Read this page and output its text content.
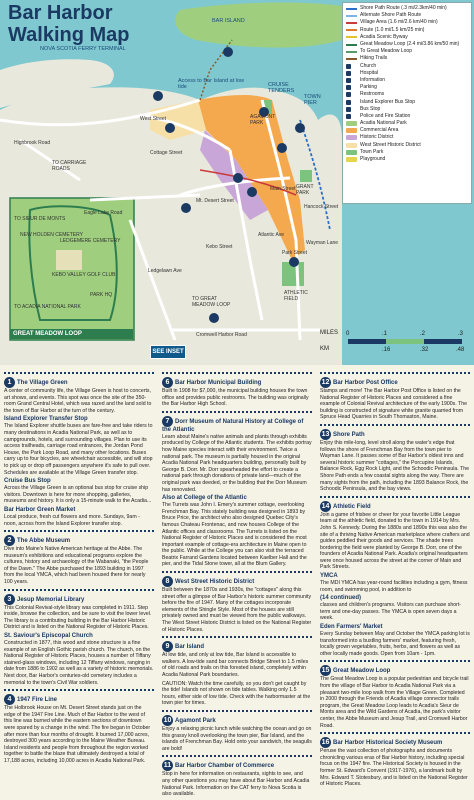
Bar Harbor Walking Map
Shore Path Route (.3 mi/2.3km/40 min)
Alternate Shore Path Route
Village Area (1.6 mi/2.6 km/40 min)
Route (1.0 mi/1.5 km/25 min)
Acadia Scenic Byway
Great Meadow Loop (2.4 mi/3.86 km/50 min)
To Great Meadow Loop
Hiking Trails
Church
Hospital
Information
Parking
Restrooms
Island Explorer Bus Stop
Bus Stop
Police and Fire Station
Acadia National Park
Commercial Area
Historic District
West Street Historic District
Town Park
Playground
BAR ISLAND
NOVA SCOTIA FERRY TERMINAL
Access to Bar Island at low tide	CRUISE TENDERS
TOWN PIER
Highbrook Road
TO CARRIAGE ROADS
Eagle Lake Road
West Street
Cottage Street
Mt. Desert Street
Main Street
Kebo Street
Ledgelawn Ave
Hancock Street
Atlantic Ave
Wayman Lane
Park Street
Cromwell Harbor Road
TO GREAT MEADOW LOOP
ATHLETIC FIELD
AGAMONT PARK
GRANT PARK
TO SIEUR DE MONTS
NEW HOLDEN CEMETERY
LEDGEMERE CEMETERY
KEBO VALLEY GOLF CLUB
PARK HQ
TO ACADIA NATIONAL PARK
GREAT MEADOW LOOP
SEE INSET
MILES
KM
0	.1	.2	.3
.16	.32	.48
1 The Village Green
A center of community life, the Village Green is host to concerts, art shows, and events. This spot was once the site of the 350-room Grand Central Hotel, which was razed and the land sold to the town of Bar Harbor at the turn of the century.
Island Explorer Transfer Stop
The Island Explorer shuttle buses are fare-free and take riders to many destinations in Acadia National Park, as well as to campgrounds, hotels, and surrounding villages. Plan to use its access trailheads, carriage road entrances, the Jordan Pond House, the Park Loop Road, and many other locations. Buses carry up to four bicycles, are wheelchair accessible, and will stop to pick up or drop off passengers anywhere it's safe to pull over. Schedules are available at the Village Green transfer stop.
Cruise Bus Stop
Across the Village Green is an optional bus stop for cruise ship visitors. Downtown is here for more shopping, galleries, museums and history. It is only a 15-minute walk to the Acadia...
Bar Harbor Green Market
Local produce, fresh cut flowers and more. Sundays, 9am - noon, across from the Island Explorer transfer stop.
2 The Abbe Museum
Dive into Maine's Native American heritage at the Abbe. The museum's exhibitions and educational programs explore the cultures, history and archaeology of the Wabanaki, "the People of the Dawn." The Abbe purchased the 1893 building in 1997 from the local YMCA, which had been housed there for nearly 100 years.
3 Jesup Memorial Library
This Colonial Revival-style library was completed in 1911. Step inside, browse the collection, and be sure to visit the lower level. The library is a contributing building in the Bar Harbor Historic District and is listed on the National Register of Historic Places.
St. Saviour's Episcopal Church
Constructed in 1877, this wood and stone structure is a fine example of an English Gothic parish church. The church, on the National Register of Historic Places, houses a number of Tiffany stained-glass windows, including 12 Tiffany windows, ranging in date from 1886 to 1902 as well as a variety of historic memorials. Next door, Bar Harbor's centuries-old cemetery includes a memorial to the town's Civil War soldiers.
4 1947 Fire Line
The Holbrook House on Mt. Desert Street stands just on the edge of the 1947 Fire Line. Much of Bar Harbor to the west of this line was burned while the eastern sections of downtown were spared by a change in the wind. The fire began in October after more than four months of drought. It burned 17,000 acres, destroyed 300 years according to the Maine Weather Bureau. Island residents and people from throughout the region worked together to battle the blaze that ultimately destroyed a total of 17,188 acres, including 10,000 acres in Acadia National Park.
6 Bar Harbor Municipal Building
Built in 1908 for $7,000, the municipal building houses the town office and provides public restrooms. The building was originally the Bar Harbor High School.
7 Dorr Museum of Natural History at College of the Atlantic
Learn about Maine's native animals and plants through exhibits produced by College of the Atlantic students. The exhibits portray how Maine species interact with their environment. Twice a national park. The museum is partially housed in the original Acadia National Park headquarters building, personally built by George B. Dorr. Mr. Dorr spearheaded the effort to create a national park through donations of private land—much of the original park was deeded, or the building that the Dorr Museum has renovated.
Also at College of the Atlantic
The Turrets was John I. Emery's summer cottage, overlooking Frenchman Bay. This stately building was designed in 1893 by Bruce Price, the architect who also designed Quebec City's famous Chateau Frontenac, and now houses College of the Atlantic offices and classrooms. The Turrets is listed on the National Register of Historic Places and is considered the most important example of cottage-era architecture in Maine open to the public. While at the College you can also visit the terraced Beatrix Farrand Gardens located between Kaelber Hall and the pier, and the Tidal Stone tower, all at the Blum Gallery.
8 West Street Historic District
Built between the 1870s and 1930s, the "cottages" along this street offer a glimpse of Bar Harbor's historic summer community before the fire of 1947. Many of the cottages incorporate elements of the Shingle Style. Most of the houses are still privately owned and must be viewed from the public walkways. The West Street Historic District is listed on the National Register of Historic Places.
9 Bar Island
At low tide, and only at low tide, Bar Island is accessible to walkers. A low-tide sand bar connects Bridge Street to 1.5 miles of old roads and trails on this forested island, completely within Acadia National Park boundaries.
CAUTION: Watch the time carefully, so you don't get caught by the tide! Islands not shown on tide tables. Walking only 1.5 hours, either side of low tide. Check with the harbormaster at the town pier for times.
10 Agamont Park
Enjoy a relaxing picnic lunch while watching the ocean and go on this grassy knoll overlooking the town pier, Bar Island, and the islands of Frenchman Bay. Hold onto your sandwich, the seagulls are bold!
11 Bar Harbor Chamber of Commerce
Stop in here for information on restaurants, sights to see, and any other questions you may have about Bar Harbor and Acadia National Park. Information on the CAT ferry to Nova Scotia is also available.
12 Bar Harbor Post Office
Stamps and more! The Bar Harbor Post Office is listed on the National Register of Historic Places and considered a fine example of Colonial Revival architecture of the early 1900s. The building is constructed of signature white granite quarried from Spruce Head Quarries in South Thomaston, Maine.
13 Shore Path
Enjoy this mile-long, level stroll along the water's edge that follows the shore of Frenchman Bay from the town pier to Wayman Lane. It passes some of Bar Harbor's oldest inns and several historic summer "cottages," the Porcupine Islands, Balance Rock, Egg Rock Light, and the Schoodic Peninsula. The Shore Path ends a few coastal sights along the way. There are many sights from the path, including the 1893 Balance Rock, the Schoodic Peninsula, and the bay views.
14 Athletic Field
Join a game of frisbee or cheer for your favorite Little League team at the athletic field, donated to the town in 1914 by Mrs. John S. Kennedy. During the 1880s and 1890s this was also the site of a thriving Native American marketplace where crafters and guides peddled their goods and services. The shade trees bordering the field were planted by George B. Dorr, one of the founders of Acadia National Park. Acadia's original headquarters were once housed across the street at the corner of Main and Park Streets.
YMCA
The MDI YMCA has year-round facilities including a gym, fitness room, and swimming pool, in addition to
(14 continued)
classes and children's programs. Visitors can purchase short-term and one-day passes. The YMCA is open seven days a week.
Eden Farmers' Market
Every Sunday between May and October the YMCA parking lot is transformed into a bustling farmers' market, featuring fresh, locally grown vegetables, fruits, herbs, and flowers as well as other locally made goods. Open from 10am - 1pm.
15 Great Meadow Loop
The Great Meadow Loop is a popular pedestrian and bicycle trail from the village of Bar Harbor to Acadia National Park via a pleasant two-mile loop walk from the Village Green. Completed in 2000 through the Friends of Acadia village connector trails program, the Great Meadow Loop leads to Acadia's Sieur de Monts area and the Wild Gardens of Acadia, the park's visitor center, the Abbe Museum and Jesup Trail, and Cromwell Harbor Road.
16 Bar Harbor Historical Society Museum
Peruse the vast collection of photographs and documents chronicling various eras of Bar Harbor history, including special focus on the 1947 fire. The Historical Society is housed in the former St. Edward's Convent (1917-1976), a landmark built by Mrs. Edward T. Stotesbury, and is listed on the National Register of Historic Places.
